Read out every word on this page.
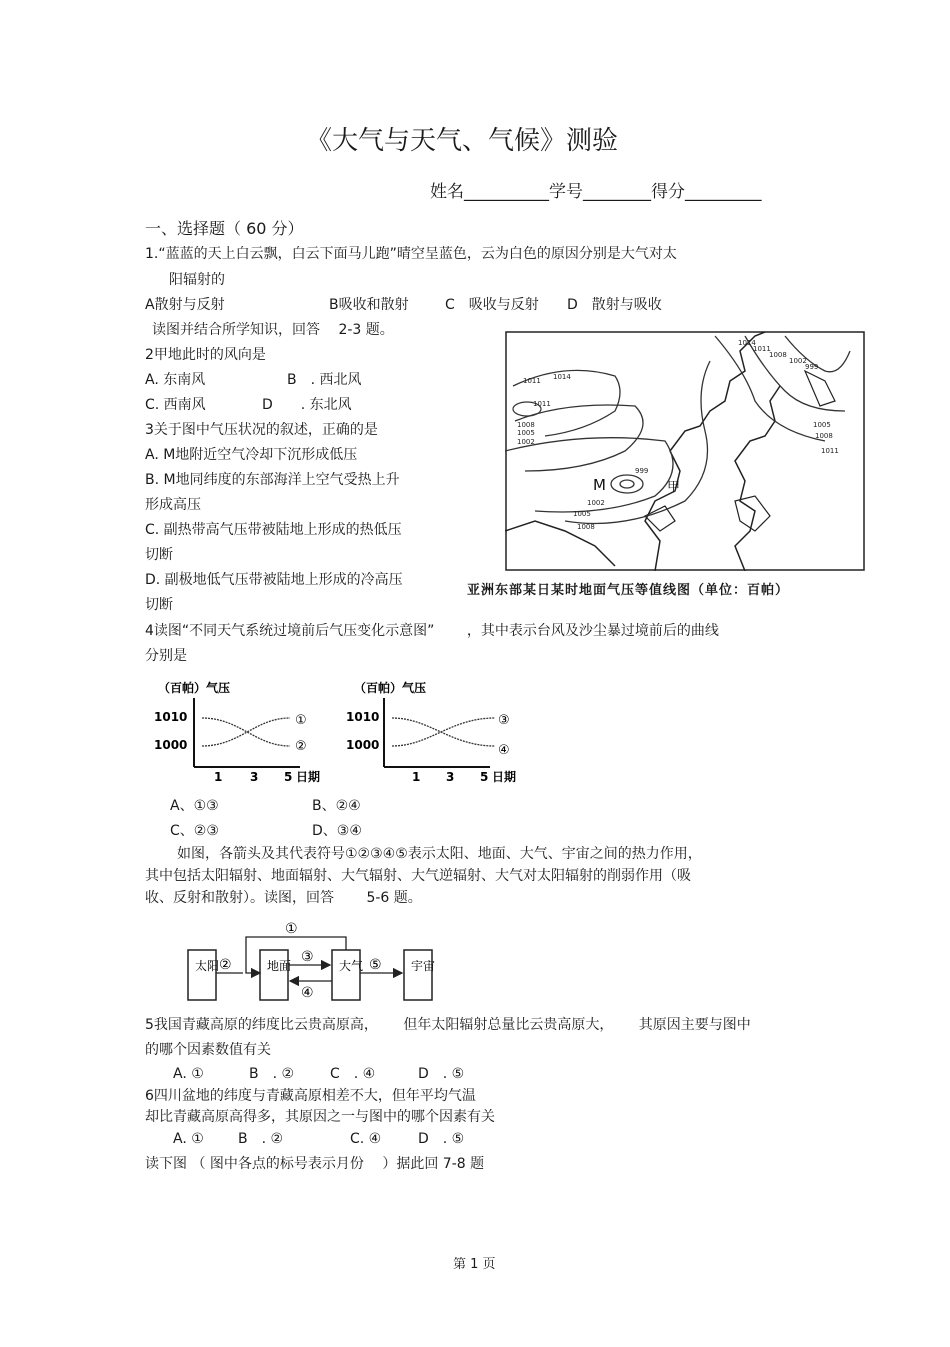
《大气与天气、气候》测验
姓名__________学号________得分_________
一、选择题（ 60 分）
1.“蓝蓝的天上白云飘，白云下面马儿跑”晴空呈蓝色，云为白色的原因分别是大气对太
阳辐射的
A散射与反射	B吸收和散射	C　吸收与反射 D　散射与吸收
读图并结合所学知识，回答　 2-3 题。
2甲地此时的风向是
A. 东南风	B　. 西北风
C. 西南风	D　　. 东北风
3关于图中气压状况的叙述，正确的是
A. M地附近空气冷却下沉形成低压
B. M地同纬度的东部海洋上空气受热上升
形成高压
C. 副热带高气压带被陆地上形成的热低压
切断
D. 副极地低气压带被陆地上形成的冷高压
切断
1011 1014
1011
1008
1005
1002
M
999
甲
1002
1005
1008
1005
1008
1011
1014
1011
1008
1002
999
亚洲东部某日某时地面气压等值线图（单位：百帕）
4读图“不同天气系统过境前后气压变化示意图”　　 ，其中表示台风及沙尘暴过境前后的曲线
分别是
（百帕）气压
1010
1000
1 3 5 日期
①
②
（百帕）气压
1010
1000
1 3 5 日期
③
④
A、①③	B、②④
C、②③	D、③④
如图，各箭头及其代表符号①②③④⑤表示太阳、地面、大气、宇宙之间的热力作用，
其中包括太阳辐射、地面辐射、大气辐射、大气逆辐射、大气对太阳辐射的削弱作用（吸
收、反射和散射）。读图，回答　　 5-6 题。
太阳	地面	大气	宇宙
①
②	③
④
⑤
5我国青藏高原的纬度比云贵高原高，　　 但年太阳辐射总量比云贵高原大，　　 其原因主要与图中
的哪个因素数值有关
A. ①	B　. ②	C　. ④	D　. ⑤
6四川盆地的纬度与青藏高原相差不大，但年平均气温
却比青藏高原高得多，其原因之一与图中的哪个因素有关
A. ① B　. ②	C. ④	D　. ⑤
读下图 （ 图中各点的标号表示月份　 ）据此回 7-8 题
第 1 页
